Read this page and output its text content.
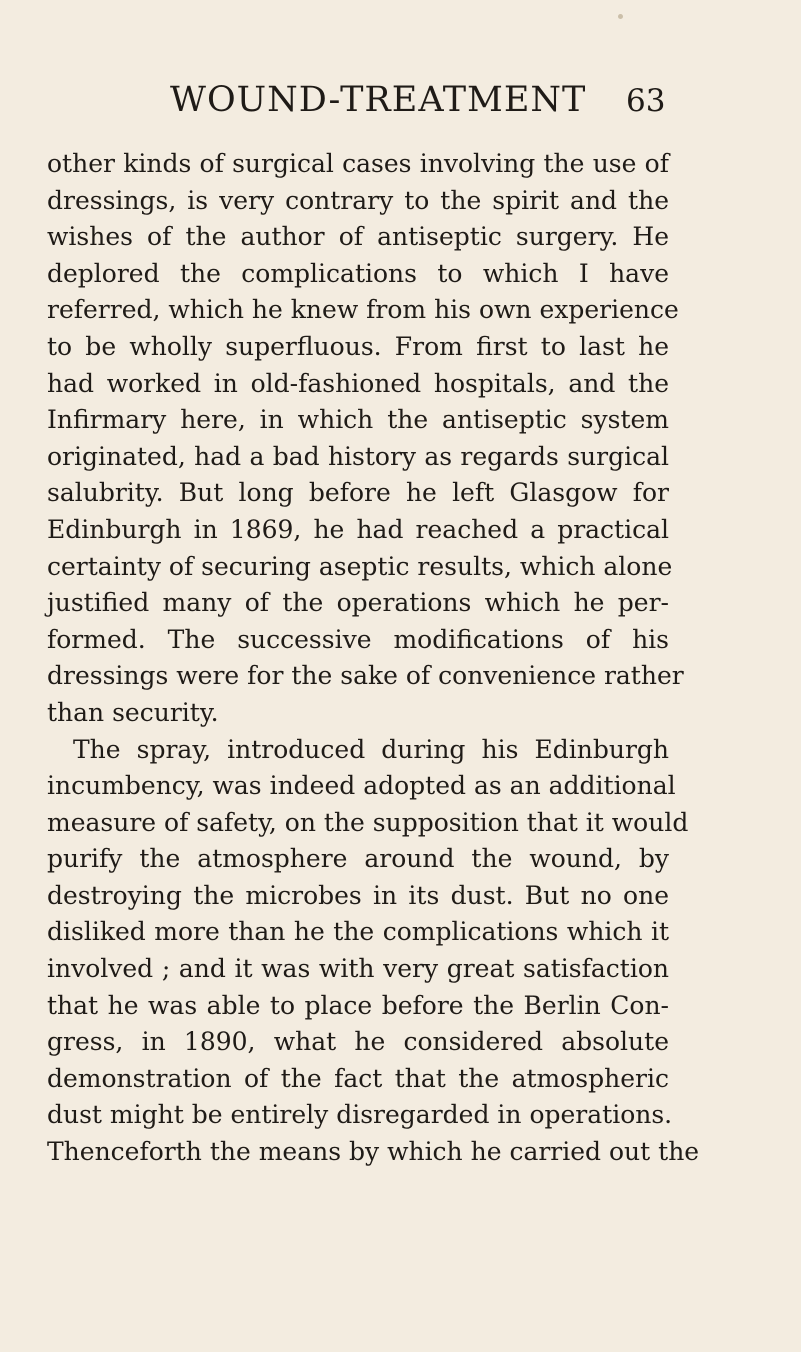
WOUND-TREATMENT 63
other kinds of surgical cases involving the use of
dressings, is very contrary to the spirit and the
wishes of the author of antiseptic surgery. He
deplored the complications to which I have
referred, which he knew from his own experience
to be wholly superfluous. From first to last he
had worked in old-fashioned hospitals, and the
Infirmary here, in which the antiseptic system
originated, had a bad history as regards surgical
salubrity. But long before he left Glasgow for
Edinburgh in 1869, he had reached a practical
certainty of securing aseptic results, which alone
justified many of the operations which he per-
formed. The successive modifications of his
dressings were for the sake of convenience rather
than security.
The spray, introduced during his Edinburgh
incumbency, was indeed adopted as an additional
measure of safety, on the supposition that it would
purify the atmosphere around the wound, by
destroying the microbes in its dust. But no one
disliked more than he the complications which it
involved ; and it was with very great satisfaction
that he was able to place before the Berlin Con-
gress, in 1890, what he considered absolute
demonstration of the fact that the atmospheric
dust might be entirely disregarded in operations.
Thenceforth the means by which he carried out the
